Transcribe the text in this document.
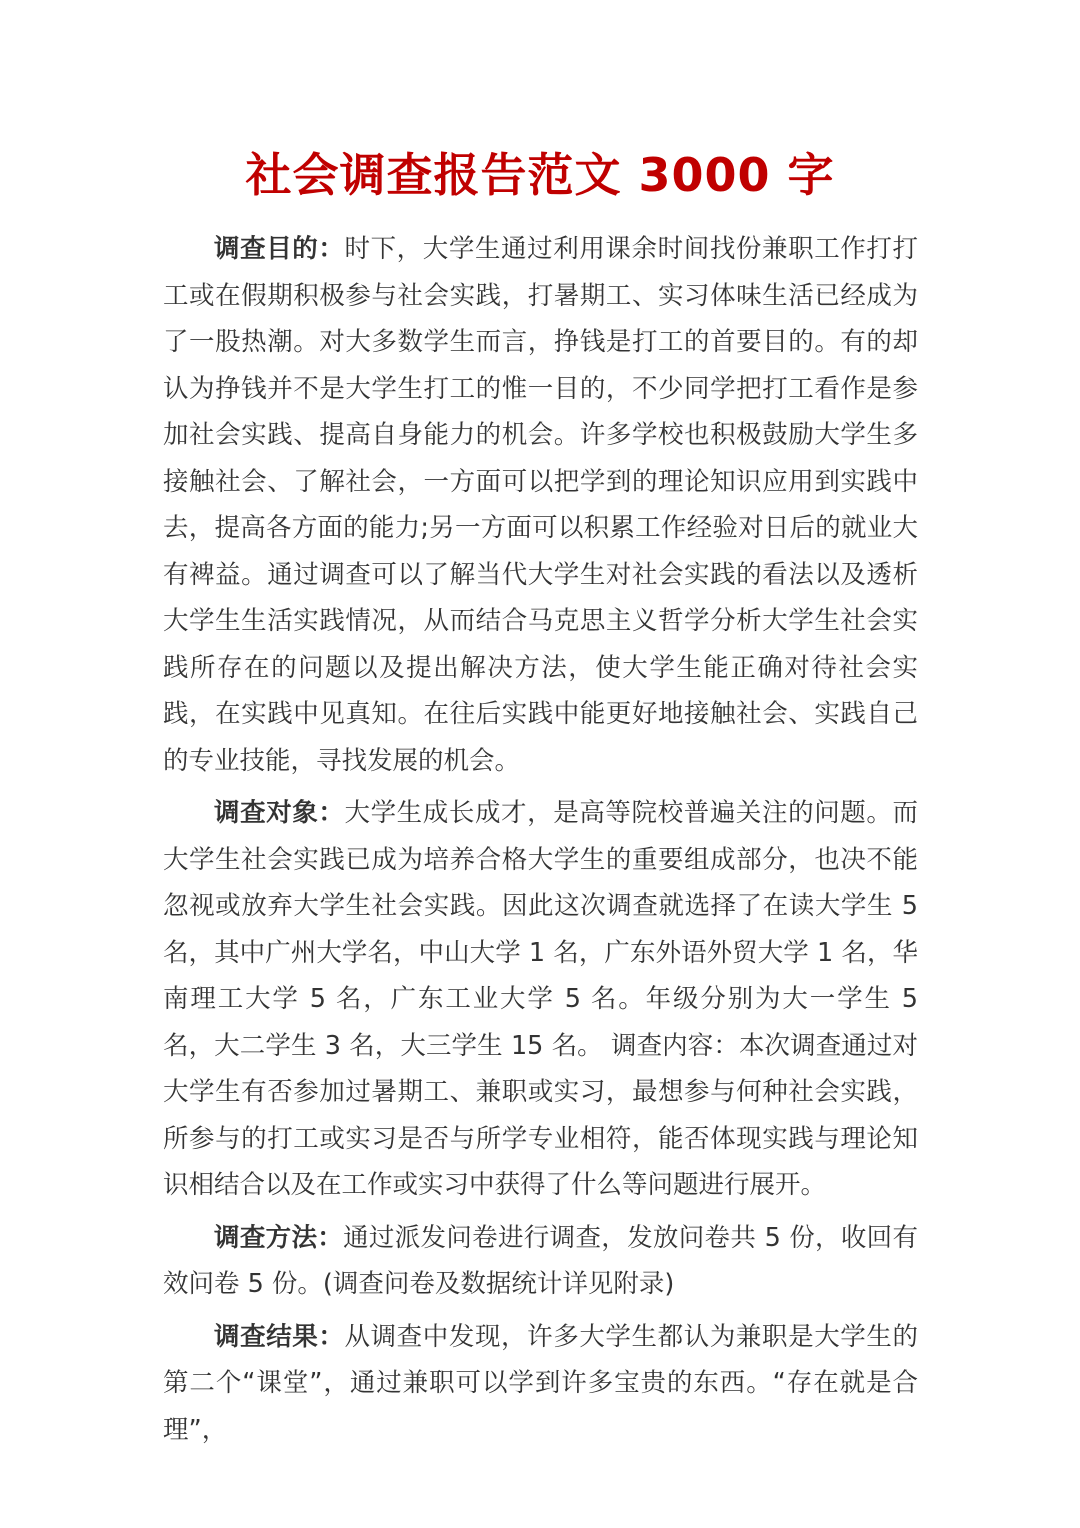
社会调查报告范文 3000 字

调查目的：时下，大学生通过利用课余时间找份兼职工作打打工或在假期积极参与社会实践，打暑期工、实习体味生活已经成为了一股热潮。对大多数学生而言，挣钱是打工的首要目的。有的却认为挣钱并不是大学生打工的惟一目的，不少同学把打工看作是参加社会实践、提高自身能力的机会。许多学校也积极鼓励大学生多接触社会、了解社会，一方面可以把学到的理论知识应用到实践中去，提高各方面的能力;另一方面可以积累工作经验对日后的就业大有裨益。通过调查可以了解当代大学生对社会实践的看法以及透析大学生生活实践情况，从而结合马克思主义哲学分析大学生社会实践所存在的问题以及提出解决方法，使大学生能正确对待社会实践，在实践中见真知。在往后实践中能更好地接触社会、实践自己的专业技能，寻找发展的机会。

调查对象：大学生成长成才，是高等院校普遍关注的问题。而大学生社会实践已成为培养合格大学生的重要组成部分，也决不能忽视或放弃大学生社会实践。因此这次调查就选择了在读大学生 5 名，其中广州大学名，中山大学 1 名，广东外语外贸大学 1 名，华南理工大学 5 名，广东工业大学 5 名。年级分别为大一学生 5 名，大二学生 3 名，大三学生 15 名。 调查内容：本次调查通过对大学生有否参加过暑期工、兼职或实习，最想参与何种社会实践，所参与的打工或实习是否与所学专业相符，能否体现实践与理论知识相结合以及在工作或实习中获得了什么等问题进行展开。

调查方法：通过派发问卷进行调查，发放问卷共 5 份，收回有效问卷 5 份。(调查问卷及数据统计详见附录)

调查结果：从调查中发现，许多大学生都认为兼职是大学生的第二个“课堂”，通过兼职可以学到许多宝贵的东西。“存在就是合理”，
